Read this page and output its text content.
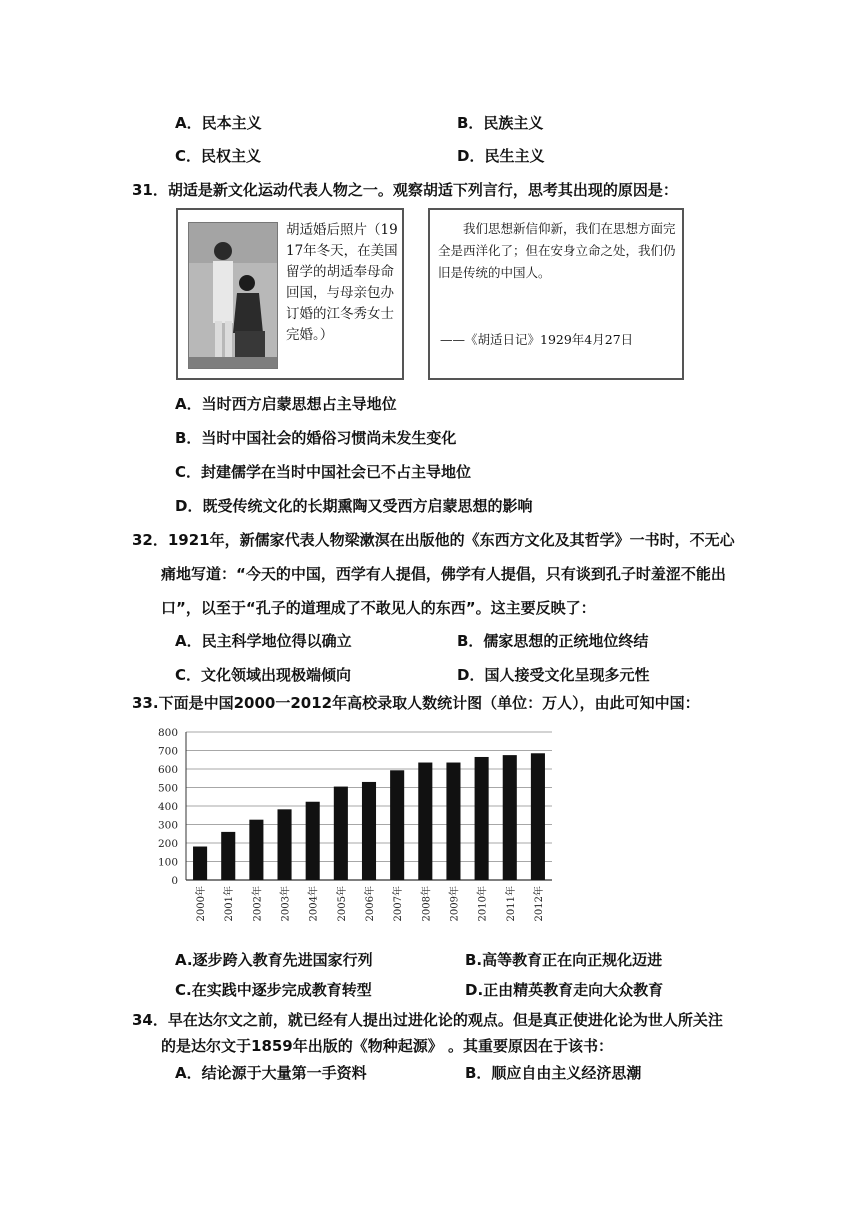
A．民本主义	B．民族主义
C．民权主义	D．民生主义
31．胡适是新文化运动代表人物之一。观察胡适下列言行，思考其出现的原因是：
胡适婚后照片（1917年冬天，在美国留学的胡适奉母命回国，与母亲包办订婚的江冬秀女士完婚。）
我们思想新信仰新，我们在思想方面完全是西洋化了；但在安身立命之处，我们仍旧是传统的中国人。
——《胡适日记》1929年4月27日
A．当时西方启蒙思想占主导地位
B．当时中国社会的婚俗习惯尚未发生变化
C．封建儒学在当时中国社会已不占主导地位
D．既受传统文化的长期熏陶又受西方启蒙思想的影响
32．1921年，新儒家代表人物梁漱溟在出版他的《东西方文化及其哲学》一书时，不无心
痛地写道：“今天的中国，西学有人提倡，佛学有人提倡，只有谈到孔子时羞涩不能出
口”，以至于“孔子的道理成了不敢见人的东西”。这主要反映了：
A．民主科学地位得以确立	B．儒家思想的正统地位终结
C．文化领域出现极端倾向	D．国人接受文化呈现多元性
33.下面是中国2000一2012年高校录取人数统计图（单位：万人），由此可知中国：
0
100
200
300
400
500
600
700
800
2000年 2001年 2002年 2003年 2004年 2005年 2006年 2007年 2008年 2009年 2010年 2011年 2012年
A.逐步跨入教育先进国家行列	B.高等教育正在向正规化迈进
C.在实践中逐步完成教育转型	D.正由精英教育走向大众教育
34．早在达尔文之前，就已经有人提出过进化论的观点。但是真正使进化论为世人所关注
的是达尔文于1859年出版的《物种起源》 。其重要原因在于该书：
A．结论源于大量第一手资料	B．顺应自由主义经济思潮
